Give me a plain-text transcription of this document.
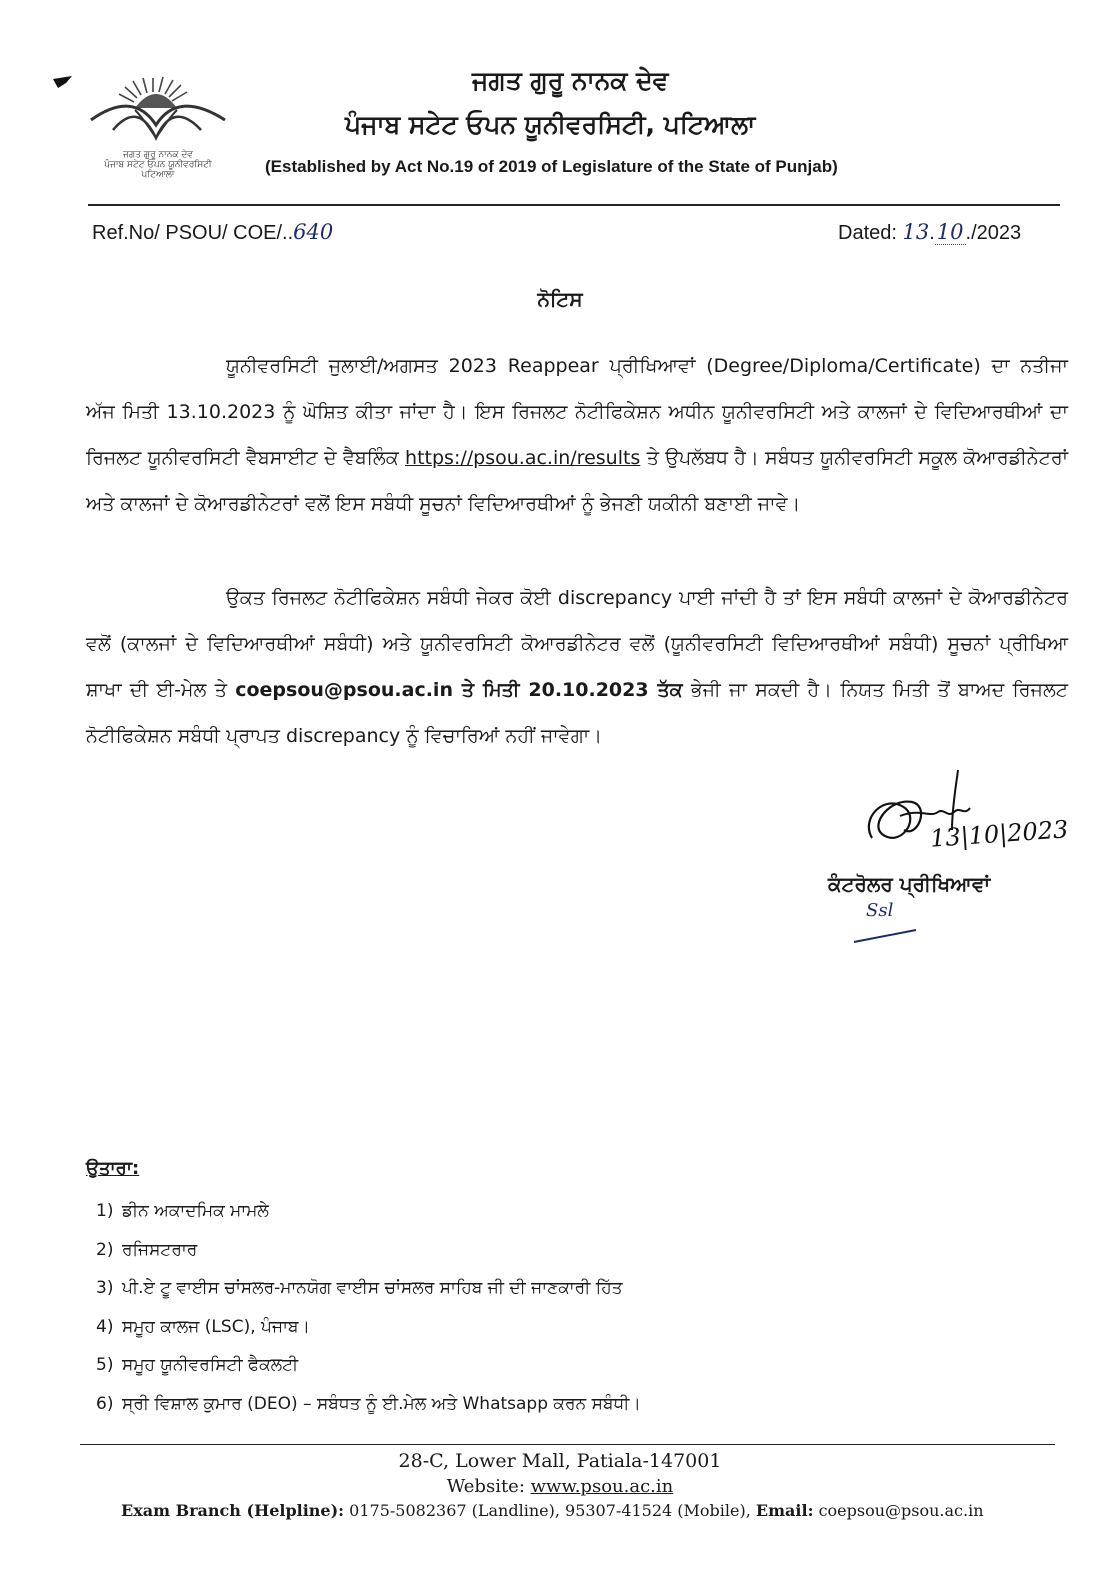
ਜਗਤ ਗੁਰੂ ਨਾਨਕ ਦੇਵ
ਪੰਜਾਬ ਸਟੇਟ ਓਪਨ ਯੂਨੀਵਰਸਿਟੀ
ਪਟਿਆਲਾ
ਜਗਤ ਗੁਰੂ ਨਾਨਕ ਦੇਵ
ਪੰਜਾਬ ਸਟੇਟ ਓਪਨ ਯੂਨੀਵਰਸਿਟੀ, ਪਟਿਆਲਾ
(Established by Act No.19 of 2019 of Legislature of the State of Punjab)
Ref.No/ PSOU/ COE/..640	Dated: 13.10 ./2023
ਨੋਟਿਸ
ਯੂਨੀਵਰਸਿਟੀ ਜੁਲਾਈ/ਅਗਸਤ 2023 Reappear ਪ੍ਰੀਖਿਆਵਾਂ (Degree/Diploma/Certificate) ਦਾ ਨਤੀਜਾ ਅੱਜ ਮਿਤੀ 13.10.2023 ਨੂੰ ਘੋਸ਼ਿਤ ਕੀਤਾ ਜਾਂਦਾ ਹੈ। ਇਸ ਰਿਜਲਟ ਨੋਟੀਫਿਕੇਸ਼ਨ ਅਧੀਨ ਯੂਨੀਵਰਸਿਟੀ ਅਤੇ ਕਾਲਜਾਂ ਦੇ ਵਿਦਿਆਰਥੀਆਂ ਦਾ ਰਿਜਲਟ ਯੂਨੀਵਰਸਿਟੀ ਵੈਬਸਾਈਟ ਦੇ ਵੈਬਲਿੰਕ https://psou.ac.in/results ਤੇ ਉਪਲੱਬਧ ਹੈ। ਸਬੰਧਤ ਯੂਨੀਵਰਸਿਟੀ ਸਕੂਲ ਕੋਆਰਡੀਨੇਟਰਾਂ ਅਤੇ ਕਾਲਜਾਂ ਦੇ ਕੋਆਰਡੀਨੇਟਰਾਂ ਵਲੋਂ ਇਸ ਸਬੰਧੀ ਸੂਚਨਾਂ ਵਿਦਿਆਰਥੀਆਂ ਨੂੰ ਭੇਜਣੀ ਯਕੀਨੀ ਬਣਾਈ ਜਾਵੇ।
ਉਕਤ ਰਿਜਲਟ ਨੋਟੀਫਿਕੇਸ਼ਨ ਸਬੰਧੀ ਜੇਕਰ ਕੋਈ discrepancy ਪਾਈ ਜਾਂਦੀ ਹੈ ਤਾਂ ਇਸ ਸਬੰਧੀ ਕਾਲਜਾਂ ਦੇ ਕੋਆਰਡੀਨੇਟਰ ਵਲੋਂ (ਕਾਲਜਾਂ ਦੇ ਵਿਦਿਆਰਥੀਆਂ ਸਬੰਧੀ) ਅਤੇ ਯੂਨੀਵਰਸਿਟੀ ਕੋਆਰਡੀਨੇਟਰ ਵਲੋਂ (ਯੂਨੀਵਰਸਿਟੀ ਵਿਦਿਆਰਥੀਆਂ ਸਬੰਧੀ) ਸੂਚਨਾਂ ਪ੍ਰੀਖਿਆ ਸ਼ਾਖਾ ਦੀ ਈ-ਮੇਲ ਤੇ coepsou@psou.ac.in ਤੇ ਮਿਤੀ 20.10.2023 ਤੱਕ ਭੇਜੀ ਜਾ ਸਕਦੀ ਹੈ। ਨਿਯਤ ਮਿਤੀ ਤੋਂ ਬਾਅਦ ਰਿਜਲਟ ਨੋਟੀਫਿਕੇਸ਼ਨ ਸਬੰਧੀ ਪ੍ਰਾਪਤ discrepancy ਨੂੰ ਵਿਚਾਰਿਆਂ ਨਹੀਂ ਜਾਵੇਗਾ।
13|10|2023
ਕੰਟਰੋਲਰ ਪ੍ਰੀਖਿਆਵਾਂ
Ssl
ਉਤਾਰਾ:
1) ਡੀਨ ਅਕਾਦਮਿਕ ਮਾਮਲੇ
2) ਰਜਿਸਟਰਾਰ
3) ਪੀ.ਏ ਟੂ ਵਾਈਸ ਚਾਂਸਲਰ-ਮਾਨਯੋਗ ਵਾਈਸ ਚਾਂਸਲਰ ਸਾਹਿਬ ਜੀ ਦੀ ਜਾਣਕਾਰੀ ਹਿੱਤ
4) ਸਮੂਹ ਕਾਲਜ (LSC), ਪੰਜਾਬ।
5) ਸਮੂਹ ਯੂਨੀਵਰਸਿਟੀ ਫੈਕਲਟੀ
6) ਸ੍ਰੀ ਵਿਸ਼ਾਲ ਕੁਮਾਰ (DEO) – ਸਬੰਧਤ ਨੂੰ ਈ.ਮੇਲ ਅਤੇ Whatsapp ਕਰਨ ਸਬੰਧੀ।
28-C, Lower Mall, Patiala-147001
Website: www.psou.ac.in
Exam Branch (Helpline): 0175-5082367 (Landline), 95307-41524 (Mobile), Email: coepsou@psou.ac.in
